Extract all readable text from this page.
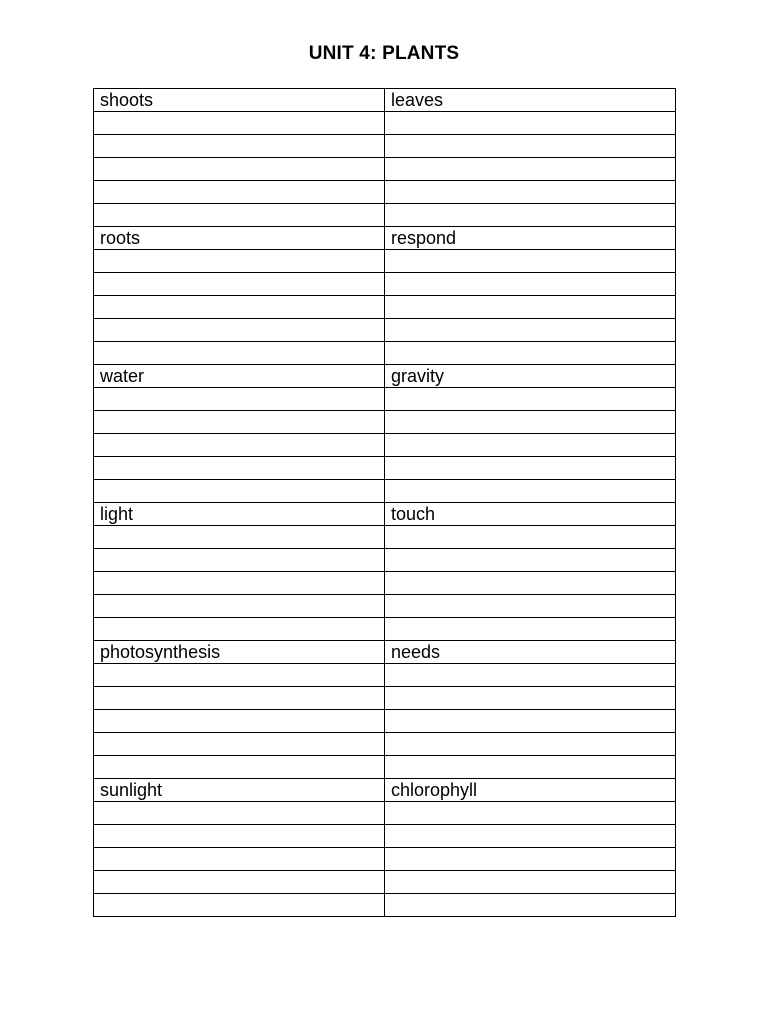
UNIT 4: PLANTS
shoots	leaves

roots	respond

water	gravity

light	touch

photosynthesis	needs

sunlight	chlorophyll
